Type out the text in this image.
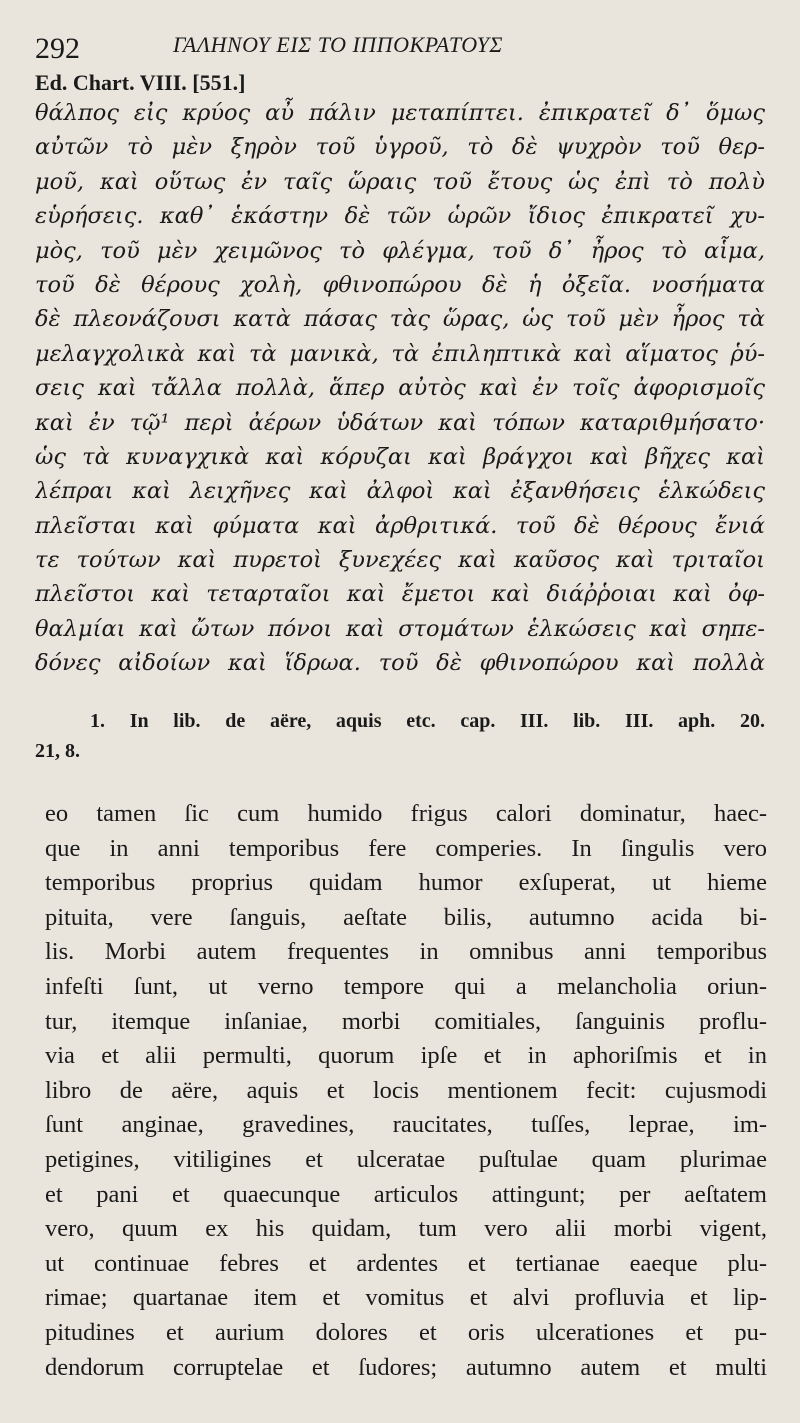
292	ΓΑΛΗΝΟΥ ΕΙΣ ΤΟ ΙΠΠΟΚΡΑΤΟΥΣ
Ed. Chart. VIII. [551.]
θάλπος εἰς κρύος αὖ πάλιν μεταπίπτει. ἐπικρατεῖ δ᾽ ὅμως
αὐτῶν τὸ μὲν ξηρὸν τοῦ ὑγροῦ, τὸ δὲ ψυχρὸν τοῦ θερ-
μοῦ, καὶ οὕτως ἐν ταῖς ὥραις τοῦ ἔτους ὡς ἐπὶ τὸ πολὺ
εὑρήσεις. καθ᾽ ἑκάστην δὲ τῶν ὡρῶν ἴδιος ἐπικρατεῖ χυ-
μὸς, τοῦ μὲν χειμῶνος τὸ φλέγμα, τοῦ δ᾽ ἦρος τὸ αἷμα,
τοῦ δὲ θέρους χολὴ, φθινοπώρου δὲ ἡ ὀξεῖα. νοσήματα
δὲ πλεονάζουσι κατὰ πάσας τὰς ὥρας, ὡς τοῦ μὲν ἦρος τὰ
μελαγχολικὰ καὶ τὰ μανικὰ, τὰ ἐπιληπτικὰ καὶ αἵματος ῥύ-
σεις καὶ τἄλλα πολλὰ, ἅπερ αὐτὸς καὶ ἐν τοῖς ἀφορισμοῖς
καὶ ἐν τῷ¹ περὶ ἀέρων ὑδάτων καὶ τόπων καταριθμήσατο·
ὡς τὰ κυναγχικὰ καὶ κόρυζαι καὶ βράγχοι καὶ βῆχες καὶ
λέπραι καὶ λειχῆνες καὶ ἀλφοὶ καὶ ἐξανθήσεις ἑλκώδεις
πλεῖσται καὶ φύματα καὶ ἀρθριτικά. τοῦ δὲ θέρους ἔνιά
τε τούτων καὶ πυρετοὶ ξυνεχέες καὶ καῦσος καὶ τριταῖοι
πλεῖστοι καὶ τεταρταῖοι καὶ ἔμετοι καὶ διάῤῥοιαι καὶ ὀφ-
θαλμίαι καὶ ὤτων πόνοι καὶ στομάτων ἑλκώσεις καὶ σηπε-
δόνες αἰδοίων καὶ ἵδρωα. τοῦ δὲ φθινοπώρου καὶ πολλὰ
1. In lib. de aëre, aquis etc. cap. III. lib. III. aph. 20.
21, 8.
eo tamen ſic cum humido frigus calori dominatur, haec-
que in anni temporibus fere comperies. In ſingulis vero
temporibus proprius quidam humor exſuperat, ut hieme
pituita, vere ſanguis, aeſtate bilis, autumno acida bi-
lis. Morbi autem frequentes in omnibus anni temporibus
infeſti ſunt, ut verno tempore qui a melancholia oriun-
tur, itemque inſaniae, morbi comitiales, ſanguinis proflu-
via et alii permulti, quorum ipſe et in aphoriſmis et in
libro de aëre, aquis et locis mentionem fecit: cujusmodi
ſunt anginae, gravedines, raucitates, tuſſes, leprae, im-
petigines, vitiligines et ulceratae puſtulae quam plurimae
et pani et quaecunque articulos attingunt; per aeſtatem
vero, quum ex his quidam, tum vero alii morbi vigent,
ut continuae febres et ardentes et tertianae eaeque plu-
rimae; quartanae item et vomitus et alvi profluvia et lip-
pitudines et aurium dolores et oris ulcerationes et pu-
dendorum corruptelae et ſudores; autumno autem et multi
